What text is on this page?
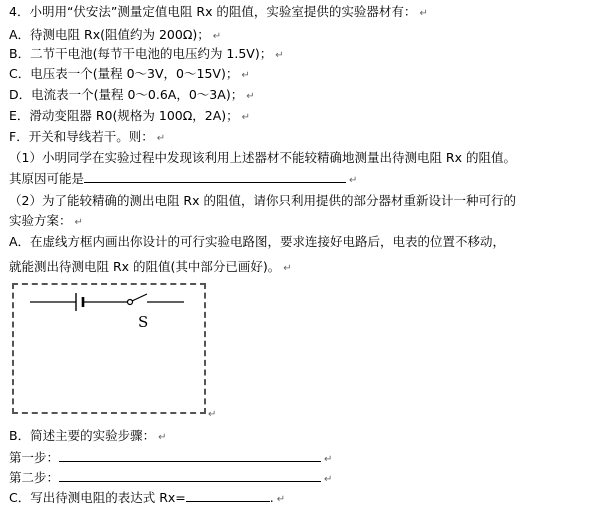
4．小明用“伏安法”测量定值电阻 Rx 的阻值，实验室提供的实验器材有： ↵
A．待测电阻 Rx(阻值约为 200Ω)； ↵
B．二节干电池(每节干电池的电压约为 1.5V)； ↵
C．电压表一个(量程 0～3V，0～15V)； ↵
D．电流表一个(量程 0～0.6A，0～3A)； ↵
E．滑动变阻器 R0(规格为 100Ω，2A)； ↵
F．开关和导线若干。则： ↵
（1）小明同学在实验过程中发现该利用上述器材不能较精确地测量出待测电阻 Rx 的阻值。
其原因可能是	↵
（2）为了能较精确的测出电阻 Rx 的阻值，请你只利用提供的部分器材重新设计一种可行的
实验方案： ↵
A．在虚线方框内画出你设计的可行实验电路图，要求连接好电路后，电表的位置不移动，
就能测出待测电阻 Rx 的阻值(其中部分已画好)。 ↵
S
↵
B．简述主要的实验步骤： ↵
第一步：	↵
第二步：	↵
C．写出待测电阻的表达式 Rx=	. ↵
